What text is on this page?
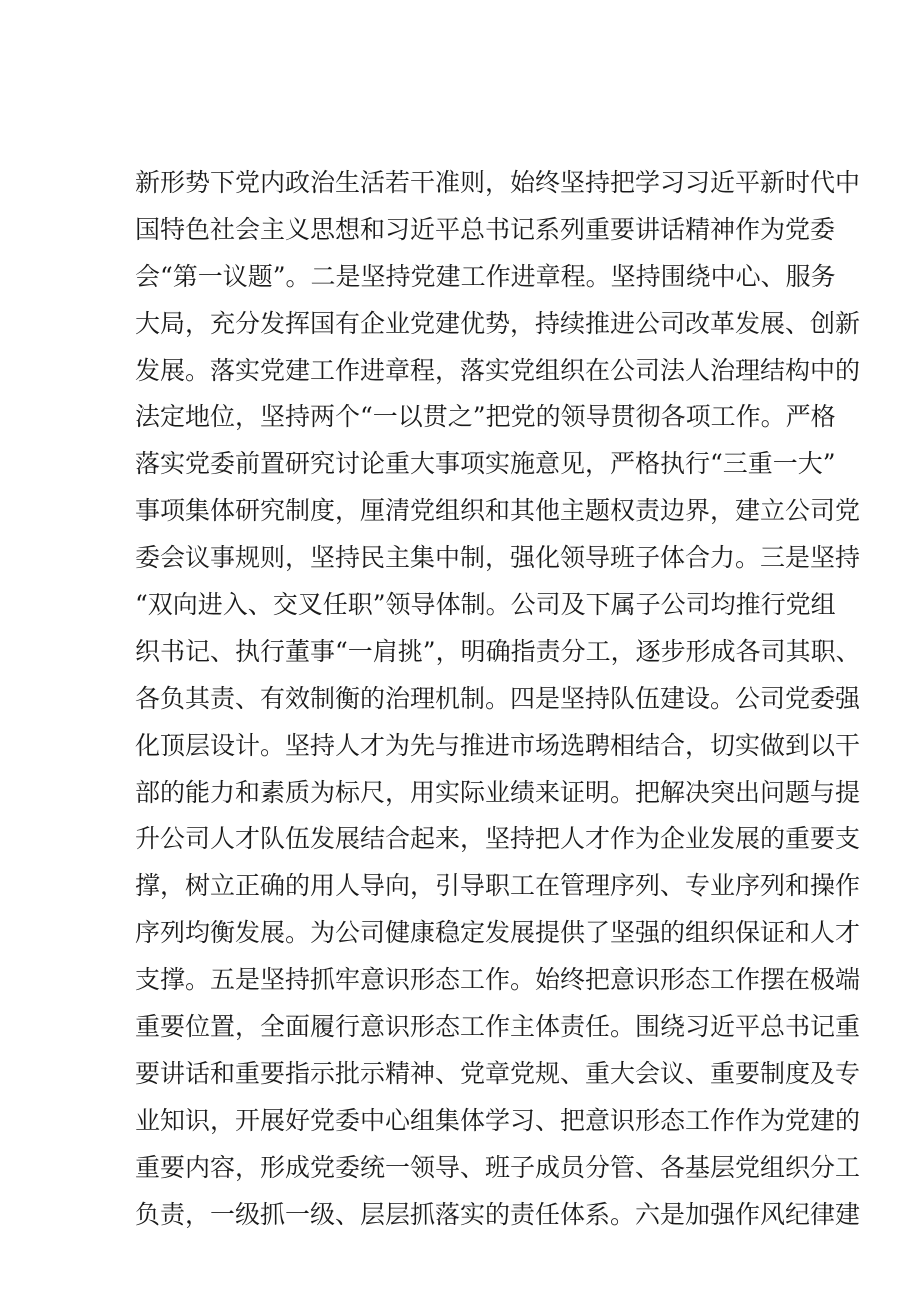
新形势下党内政治生活若干准则，始终坚持把学习习近平新时代中
国特色社会主义思想和习近平总书记系列重要讲话精神作为党委
会“第一议题”。二是坚持党建工作进章程。坚持围绕中心、服务
大局，充分发挥国有企业党建优势，持续推进公司改革发展、创新
发展。落实党建工作进章程，落实党组织在公司法人治理结构中的
法定地位，坚持两个“一以贯之”把党的领导贯彻各项工作。严格
落实党委前置研究讨论重大事项实施意见，严格执行“三重一大”
事项集体研究制度，厘清党组织和其他主题权责边界，建立公司党
委会议事规则，坚持民主集中制，强化领导班子体合力。三是坚持
“双向进入、交叉任职”领导体制。公司及下属子公司均推行党组
织书记、执行董事“一肩挑”，明确指责分工，逐步形成各司其职、
各负其责、有效制衡的治理机制。四是坚持队伍建设。公司党委强
化顶层设计。坚持人才为先与推进市场选聘相结合，切实做到以干
部的能力和素质为标尺，用实际业绩来证明。把解决突出问题与提
升公司人才队伍发展结合起来，坚持把人才作为企业发展的重要支
撑，树立正确的用人导向，引导职工在管理序列、专业序列和操作
序列均衡发展。为公司健康稳定发展提供了坚强的组织保证和人才
支撑。五是坚持抓牢意识形态工作。始终把意识形态工作摆在极端
重要位置，全面履行意识形态工作主体责任。围绕习近平总书记重
要讲话和重要指示批示精神、党章党规、重大会议、重要制度及专
业知识，开展好党委中心组集体学习、把意识形态工作作为党建的
重要内容，形成党委统一领导、班子成员分管、各基层党组织分工
负责，一级抓一级、层层抓落实的责任体系。六是加强作风纪律建
